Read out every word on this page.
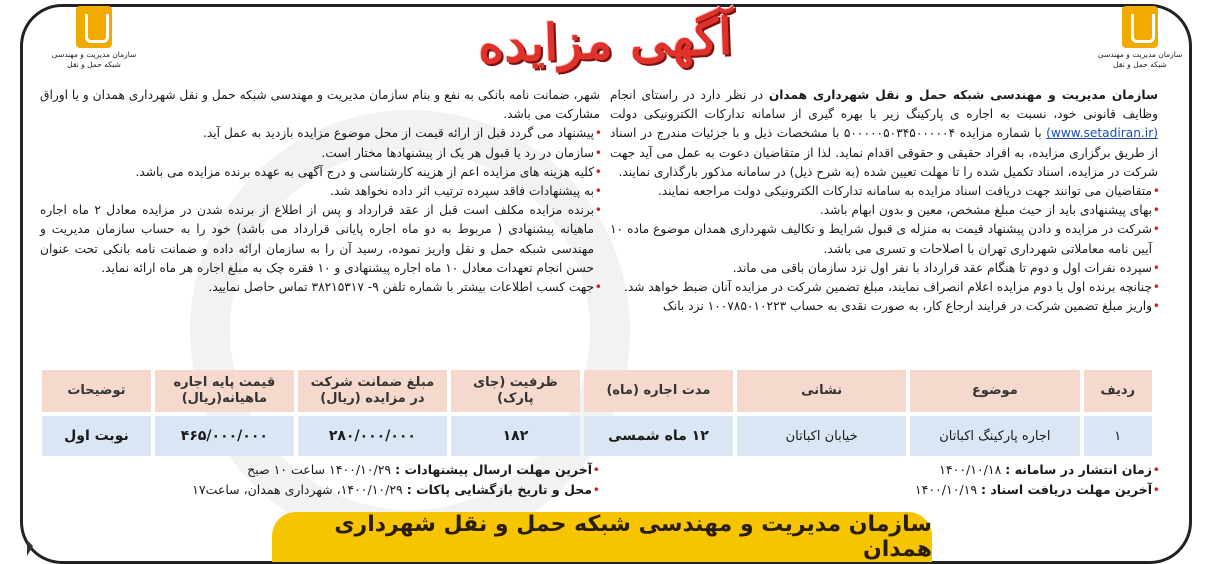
سازمان مدیریت و مهندسی شبکه حمل و نقل
سازمان مدیریت و مهندسی شبکه حمل و نقل	آگهی مزایده

سازمان مدیریت و مهندسی شبکه حمل و نقل شهرداری همدان در نظر دارد در راستای انجام وظایف قانونی خود، نسبت به اجاره ی پارکینگ زیر با بهره گیری از سامانه تدارکات الکترونیکی دولت (www.setadiran.ir) با شماره مزایده ۵۰۰۰۰۰۵۰۳۴۵۰۰۰۰۰۴ با مشخصات ذیل و با جزئیات مندرج در اسناد از طریق برگزاری مزایده، به افراد حقیقی و حقوقی اقدام نماید. لذا از متقاضیان دعوت به عمل می آید جهت شرکت در مزایده، اسناد تکمیل شده را تا مهلت تعیین شده (به شرح ذیل) در سامانه مذکور بارگذاری نمایند.

• متقاضیان می توانند جهت دریافت اسناد مزایده به سامانه تدارکات الکترونیکی دولت مراجعه نمایند.

• بهای پیشنهادی باید از حیث مبلغ مشخص، معین و بدون ابهام باشد.

• شرکت در مزایده و دادن پیشنهاد قیمت به منزله ی قبول شرایط و تکالیف شهرداری همدان موضوع ماده ۱۰ آیین نامه معاملاتی شهرداری تهران با اصلاحات و تسری می باشد.

• سپرده نفرات اول و دوم تا هنگام عقد قرارداد با نفر اول نزد سازمان باقی می ماند.

• چنانچه برنده اول یا دوم مزایده اعلام انصراف نمایند، مبلغ تضمین شرکت در مزایده آنان ضبط خواهد شد.

• واریز مبلغ تضمین شرکت در فرایند ارجاع کار، به صورت نقدی به حساب ۱۰۰۷۸۵۰۱۰۲۲۳ نزد بانک

شهر، ضمانت نامه بانکی به نفع و بنام سازمان مدیریت و مهندسی شبکه حمل و نقل شهرداری همدان و یا اوراق مشارکت می باشد.

• پیشنهاد می گردد قبل از ارائه قیمت از محل موضوع مزایده بازدید به عمل آید.

• سازمان در رد یا قبول هر یک از پیشنهادها مختار است.

• کلیه هزینه های مزایده اعم از هزینه کارشناسی و درج آگهی به عهده برنده مزایده می باشد.

• به پیشنهادات فاقد سپرده ترتیب اثر داده نخواهد شد.

• برنده مزایده مکلف است قبل از عقد قرارداد و پس از اطلاع از برنده شدن در مزایده معادل ۲ ماه اجاره ماهیانه پیشنهادی ( مربوط به دو ماه اجاره پایانی قرارداد می باشد) خود را به حساب سازمان مدیریت و مهندسی شبکه حمل و نقل واریز نموده، رسید آن را به سازمان ارائه داده و ضمانت نامه بانکی تحت عنوان حسن انجام تعهدات معادل ۱۰ ماه اجاره پیشنهادی و ۱۰ فقره چک به مبلغ اجاره هر ماه ارائه نماید.

• جهت کسب اطلاعات بیشتر با شماره تلفن ۹- ۳۸۲۱۵۳۱۷ تماس حاصل نمایید.

ردیف	موضوع	نشانی	مدت اجاره (ماه)	ظرفیت (جای پارک)	مبلغ ضمانت شرکت در مزایده (ریال)	قیمت پایه اجاره ماهیانه(ریال)	توضیحات
۱	اجاره پارکینگ اکباتان	خیابان اکباتان	۱۲ ماه شمسی	۱۸۲	۲۸۰/۰۰۰/۰۰۰	۴۶۵/۰۰۰/۰۰۰	نوبت اول
• زمان انتشار در سامانه : ۱۴۰۰/۱۰/۱۸
• آخرین مهلت دریافت اسناد : ۱۴۰۰/۱۰/۱۹
• آخرین مهلت ارسال پیشنهادات : ۱۴۰۰/۱۰/۲۹ ساعت ۱۰ صبح
• محل و تاریخ بازگشایی پاکات : ۱۴۰۰/۱۰/۲۹، شهرداری همدان، ساعت۱۷
سازمان مدیریت و مهندسی شبکه حمل و نقل شهرداری همدان
